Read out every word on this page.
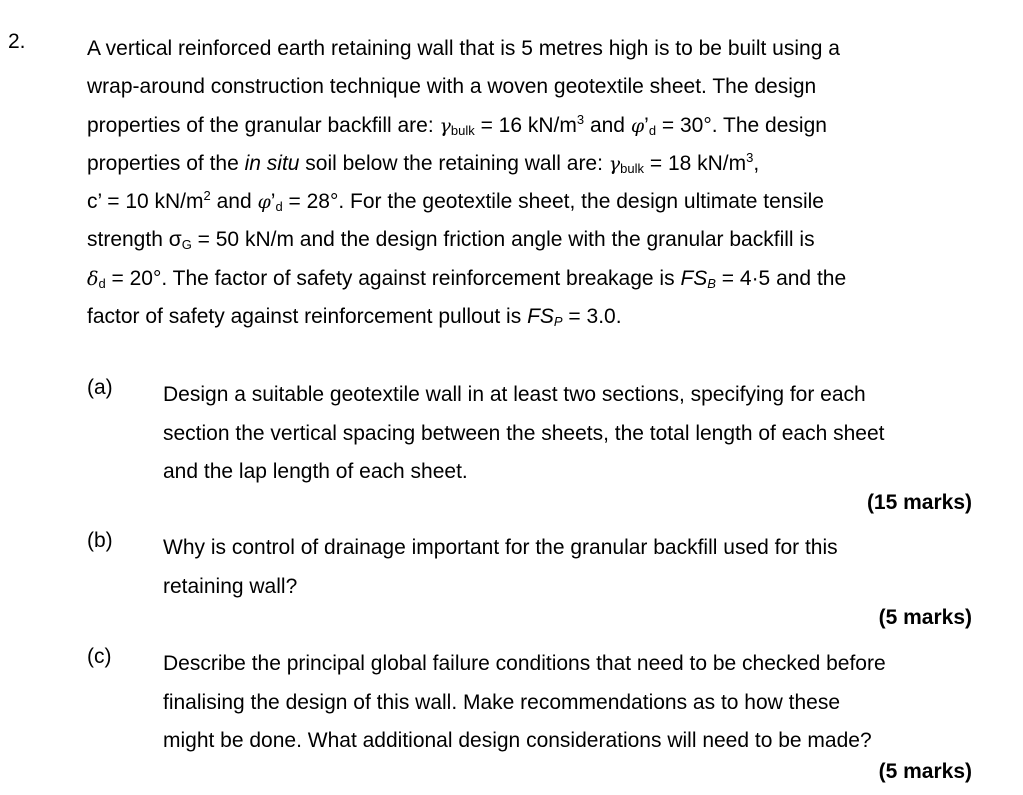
2.	A vertical reinforced earth retaining wall that is 5 metres high is to be built using a
wrap-around construction technique with a woven geotextile sheet. The design
properties of the granular backfill are: $\gamma_{bulk} = 16$ $kN/m^3$ and $\varphi’_d = 30^\circ$. The design
properties of the in situ soil below the retaining wall are: $\gamma_{bulk} = 18$ $kN/m^3$,
c’ = 10 $kN/m^2$ and $\varphi’_d = 28^\circ$. For the geotextile sheet, the design ultimate tensile
strength $\sigma_G = 50$ kN/m and the design friction angle with the granular backfill is
$\delta_d = 20^\circ$. The factor of safety against reinforcement breakage is $FS_B = 4\cdot 5$ and the
factor of safety against reinforcement pullout is $FS_P = 3.0$.
(a) Design a suitable geotextile wall in at least two sections, specifying for each
section the vertical spacing between the sheets, the total length of each sheet
and the lap length of each sheet.
(15 marks)
(b) Why is control of drainage important for the granular backfill used for this
retaining wall?
(5 marks)
(c) Describe the principal global failure conditions that need to be checked before
finalising the design of this wall. Make recommendations as to how these
might be done. What additional design considerations will need to be made?
(5 marks)
